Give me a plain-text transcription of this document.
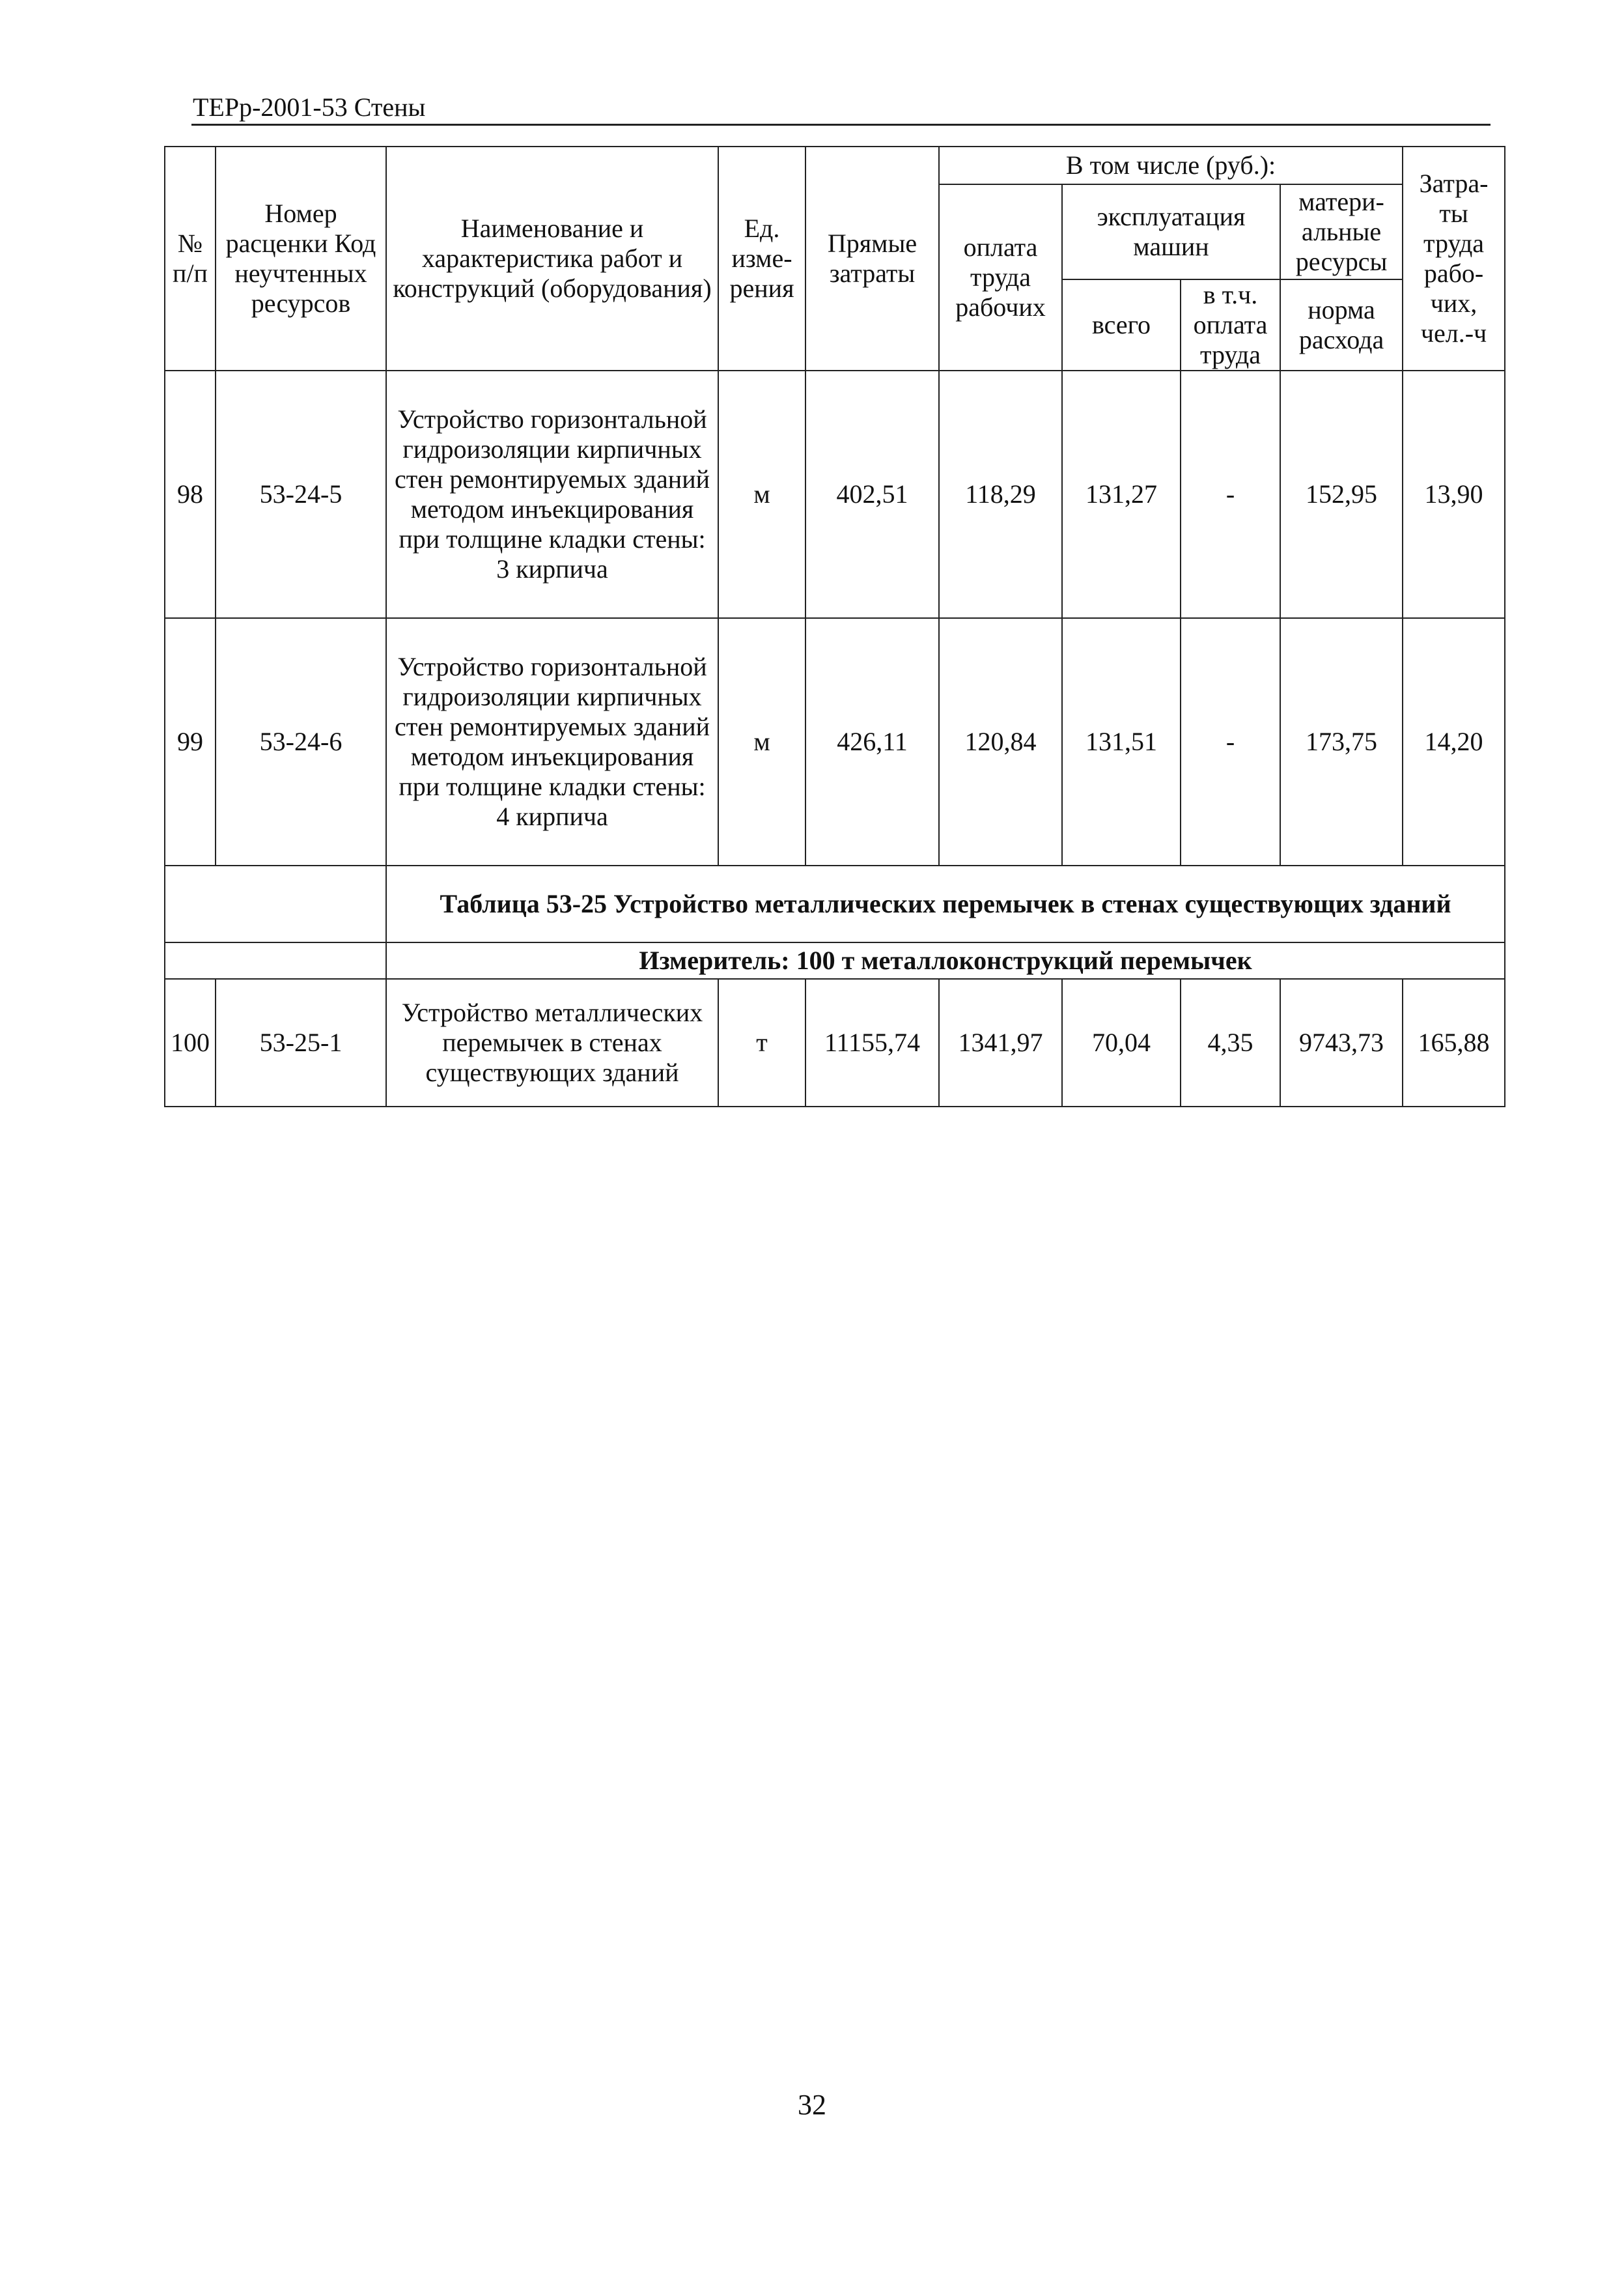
ТЕРр-2001-53 Стены
№ п/п	Номер расценки Код неучтенных ресурсов	Наименование и характеристика работ и конструкций (оборудования)	Ед. изме-рения	Прямые затраты	В том числе (руб.):				Затра-ты труда рабо-чих, чел.-ч
					оплата труда рабочих	эксплуатация машин		матери-альные ресурсы	
						всего	в т.ч. оплата труда	норма расхода	

98	53-24-5	Устройство горизонтальной гидроизоляции кирпичных стен ремонтируемых зданий методом инъекцирования при толщине кладки стены: 3 кирпича	м	402,51	118,29	131,27	-	152,95	13,90
99	53-24-6	Устройство горизонтальной гидроизоляции кирпичных стен ремонтируемых зданий методом инъекцирования при толщине кладки стены: 4 кирпича	м	426,11	120,84	131,51	-	173,75	14,20
		Таблица 53-25 Устройство металлических перемычек в стенах существующих зданий							
		Измеритель: 100 т металлоконструкций перемычек							
100	53-25-1	Устройство металлических перемычек в стенах существующих зданий	т	11155,74	1341,97	70,04	4,35	9743,73	165,88
32
